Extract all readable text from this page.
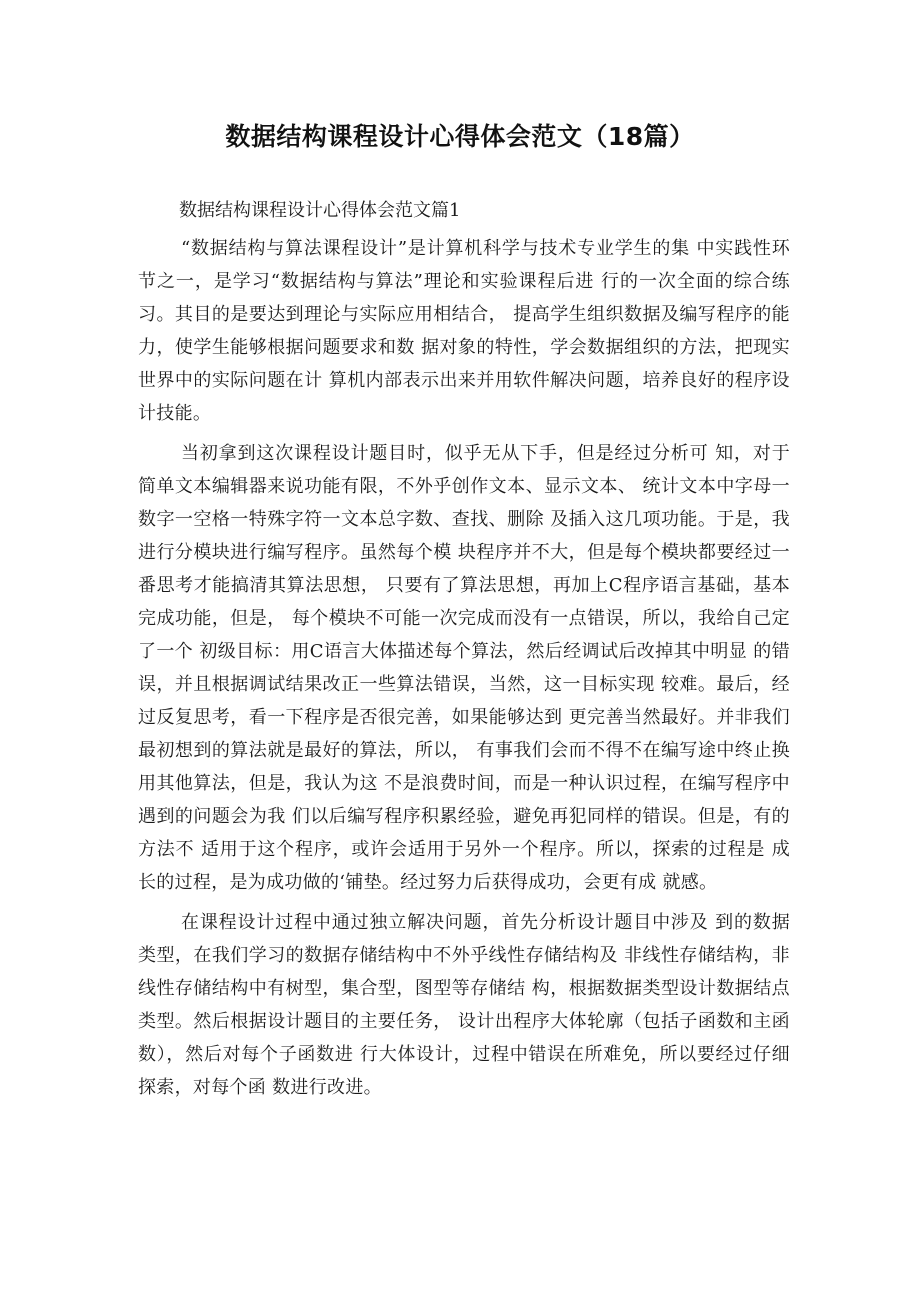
数据结构课程设计心得体会范文（18篇）
数据结构课程设计心得体会范文篇1

“数据结构与算法课程设计”是计算机科学与技术专业学生的集 中实践性环节之一，是学习“数据结构与算法”理论和实验课程后进 行的一次全面的综合练习。其目的是要达到理论与实际应用相结合， 提高学生组织数据及编写程序的能力，使学生能够根据问题要求和数 据对象的特性，学会数据组织的方法，把现实世界中的实际问题在计 算机内部表示出来并用软件解决问题，培养良好的程序设计技能。

当初拿到这次课程设计题目时，似乎无从下手，但是经过分析可 知，对于简单文本编辑器来说功能有限，不外乎创作文本、显示文本、 统计文本中字母一数字一空格一特殊字符一文本总字数、查找、删除 及插入这几项功能。于是，我进行分模块进行编写程序。虽然每个模 块程序并不大，但是每个模块都要经过一番思考才能搞清其算法思想， 只要有了算法思想，再加上C程序语言基础，基本完成功能，但是， 每个模块不可能一次完成而没有一点错误，所以，我给自己定了一个 初级目标：用C语言大体描述每个算法，然后经调试后改掉其中明显 的错误，并且根据调试结果改正一些算法错误，当然，这一目标实现 较难。最后，经过反复思考，看一下程序是否很完善，如果能够达到 更完善当然最好。并非我们最初想到的算法就是最好的算法，所以， 有事我们会而不得不在编写途中终止换用其他算法，但是，我认为这 不是浪费时间，而是一种认识过程，在编写程序中遇到的问题会为我 们以后编写程序积累经验，避免再犯同样的错误。但是，有的方法不 适用于这个程序，或许会适用于另外一个程序。所以，探索的过程是 成长的过程，是为成功做的‘铺垫。经过努力后获得成功，会更有成 就感。

在课程设计过程中通过独立解决问题，首先分析设计题目中涉及 到的数据类型，在我们学习的数据存储结构中不外乎线性存储结构及 非线性存储结构，非线性存储结构中有树型，集合型，图型等存储结 构，根据数据类型设计数据结点类型。然后根据设计题目的主要任务， 设计出程序大体轮廓（包括子函数和主函数），然后对每个子函数进 行大体设计，过程中错误在所难免，所以要经过仔细探索，对每个函 数进行改进。
